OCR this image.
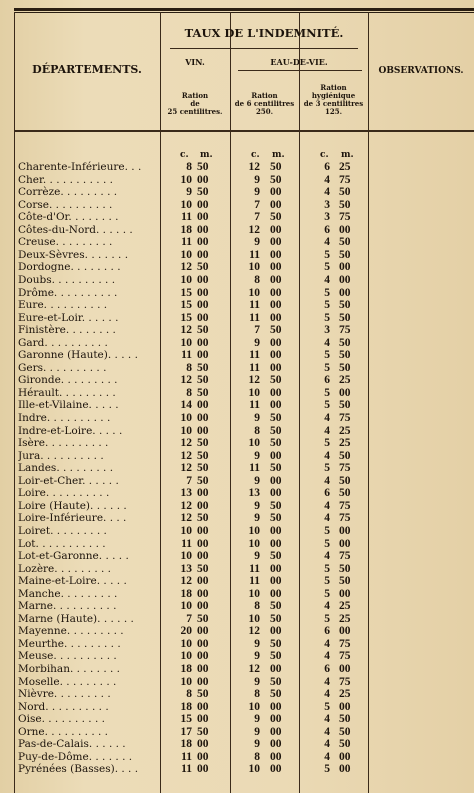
DÉPARTEMENTS.
TAUX DE L'INDEMNITÉ.
VIN.	EAU-DE-VIE.
OBSERVATIONS.
Ration
de
25 centilitres.
Ration
de 6 centilitres
250.
Ration
hygiénique
de 3 centilitres
125.
c. m.	c. m.	c. m.
Charente-Inférieure. . .	8 50	12 50	6 25
Cher. . . . . . . . . . .	10 00	9 50	4 75
Corrèze. . . . . . . . .	9 50	9 00	4 50
Corse. . . . . . . . . .	10 00	7 00	3 50
Côte-d'Or. . . . . . . .	11 00	7 50	3 75
Côtes-du-Nord. . . . . .	18 00	12 00	6 00
Creuse. . . . . . . . .	11 00	9 00	4 50
Deux-Sèvres. . . . . . .	10 00	11 00	5 50
Dordogne. . . . . . . .	12 50	10 00	5 00
Doubs. . . . . . . . . .	10 00	8 00	4 00
Drôme. . . . . . . . . .	15 00	10 00	5 00
Eure. . . . . . . . . .	15 00	11 00	5 50
Eure-et-Loir. . . . . .	15 00	11 00	5 50
Finistère. . . . . . . .	12 50	7 50	3 75
Gard. . . . . . . . . .	10 00	9 00	4 50
Garonne (Haute). . . . .	11 00	11 00	5 50
Gers. . . . . . . . . .	8 50	11 00	5 50
Gironde. . . . . . . . .	12 50	12 50	6 25
Hérault. . . . . . . . .	8 50	10 00	5 00
Ille-et-Vilaine. . . . .	14 00	11 00	5 50
Indre. . . . . . . . . .	10 00	9 50	4 75
Indre-et-Loire. . . . .	10 00	8 50	4 25
Isère. . . . . . . . . .	12 50	10 50	5 25
Jura. . . . . . . . . .	12 50	9 00	4 50
Landes. . . . . . . . .	12 50	11 50	5 75
Loir-et-Cher. . . . . .	7 50	9 00	4 50
Loire. . . . . . . . . .	13 00	13 00	6 50
Loire (Haute). . . . . .	12 00	9 50	4 75
Loire-Inférieure. . . .	12 50	9 50	4 75
Loiret. . . . . . . . .	10 00	10 00	5 00
Lot. . . . . . . . . . .	11 00	10 00	5 00
Lot-et-Garonne. . . . .	10 00	9 50	4 75
Lozère. . . . . . . . .	13 50	11 00	5 50
Maine-et-Loire. . . . .	12 00	11 00	5 50
Manche. . . . . . . . .	18 00	10 00	5 00
Marne. . . . . . . . . .	10 00	8 50	4 25
Marne (Haute). . . . . .	7 50	10 50	5 25
Mayenne. . . . . . . . .	20 00	12 00	6 00
Meurthe. . . . . . . . .	10 00	9 50	4 75
Meuse. . . . . . . . . .	10 00	9 50	4 75
Morbihan. . . . . . . .	18 00	12 00	6 00
Moselle. . . . . . . . .	10 00	9 50	4 75
Nièvre. . . . . . . . .	8 50	8 50	4 25
Nord. . . . . . . . . .	18 00	10 00	5 00
Oise. . . . . . . . . .	15 00	9 00	4 50
Orne. . . . . . . . . .	17 50	9 00	4 50
Pas-de-Calais. . . . . .	18 00	9 00	4 50
Puy-de-Dôme. . . . . . .	11 00	8 00	4 00
Pyrénées (Basses). . . .	11 00	10 00	5 00
